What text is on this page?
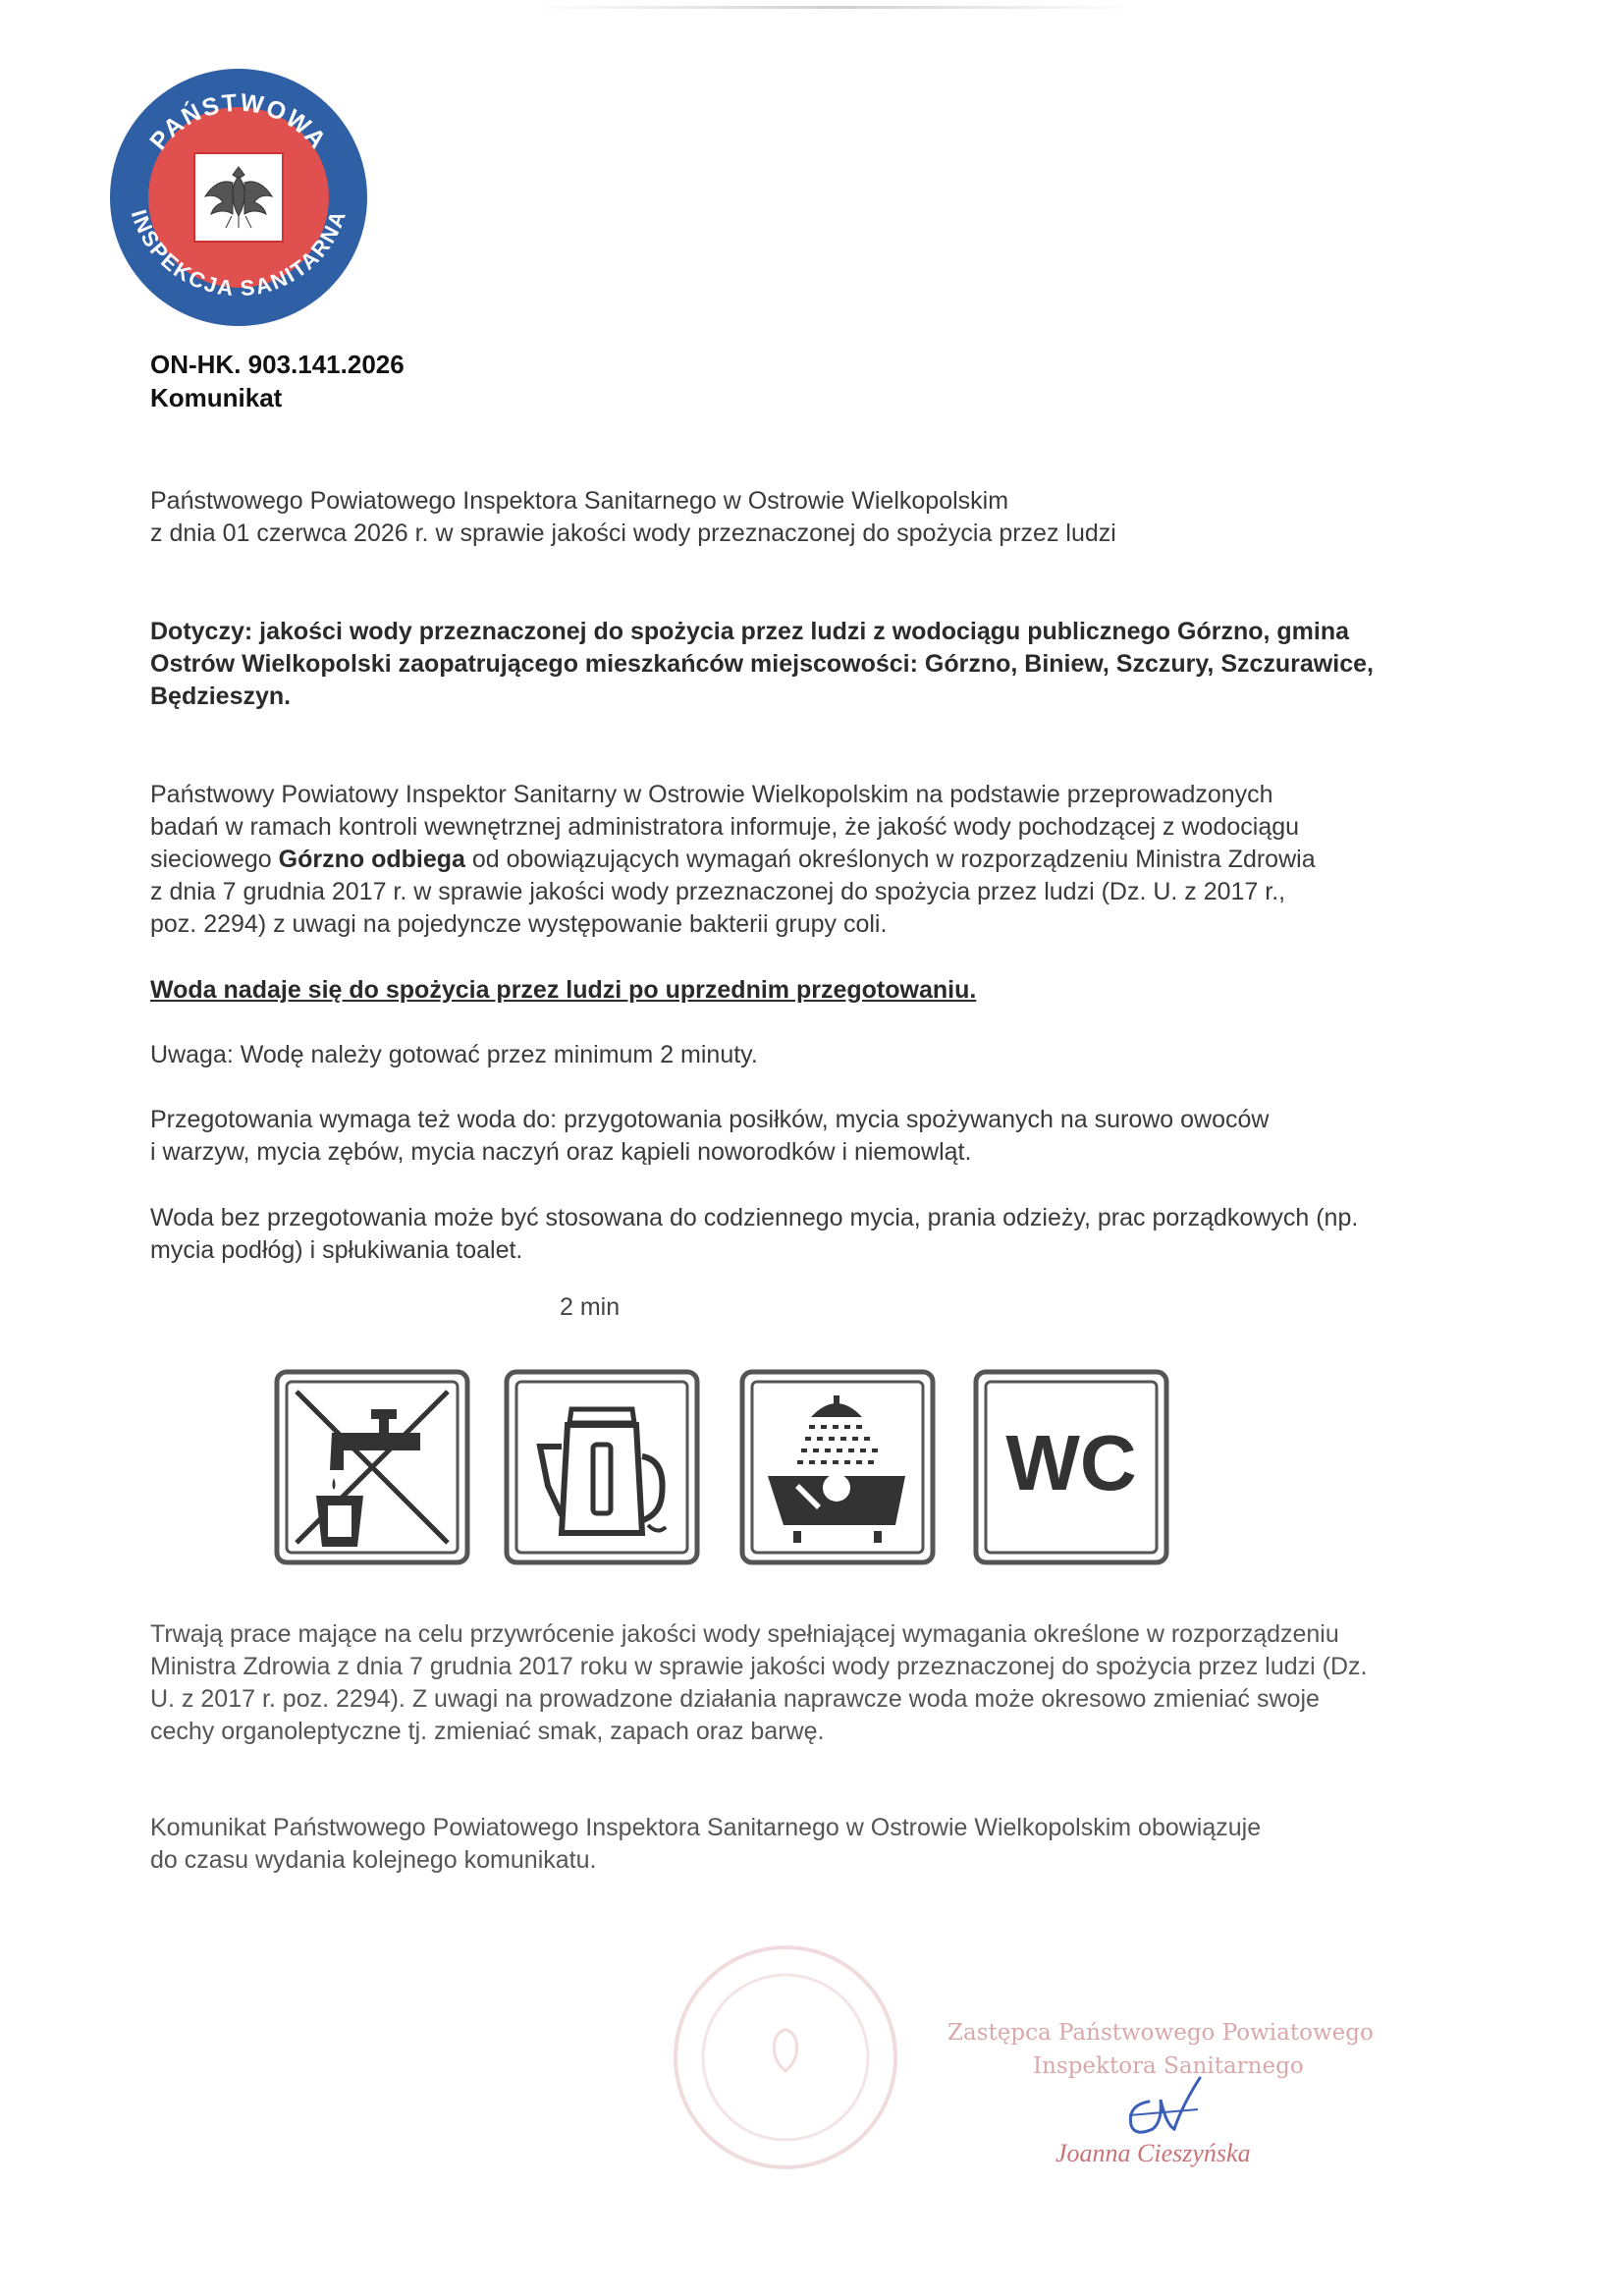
PAŃSTWOWA
INSPEKCJA SANITARNA
ON-HK. 903.141.2026
Komunikat
Państwowego Powiatowego Inspektora Sanitarnego w Ostrowie Wielkopolskim
z dnia 01 czerwca 2026 r. w sprawie jakości wody przeznaczonej do spożycia przez ludzi
Dotyczy: jakości wody przeznaczonej do spożycia przez ludzi z wodociągu publicznego Górzno, gmina
Ostrów Wielkopolski zaopatrującego mieszkańców miejscowości: Górzno, Biniew, Szczury, Szczurawice,
Będzieszyn.
Państwowy Powiatowy Inspektor Sanitarny w Ostrowie Wielkopolskim na podstawie przeprowadzonych
badań w ramach kontroli wewnętrznej administratora informuje, że jakość wody pochodzącej z wodociągu
sieciowego Górzno odbiega od obowiązujących wymagań określonych w rozporządzeniu Ministra Zdrowia
z dnia 7 grudnia 2017 r. w sprawie jakości wody przeznaczonej do spożycia przez ludzi (Dz. U. z 2017 r.,
poz. 2294) z uwagi na pojedyncze występowanie bakterii grupy coli.
Woda nadaje się do spożycia przez ludzi po uprzednim przegotowaniu.
Uwaga: Wodę należy gotować przez minimum 2 minuty.
Przegotowania wymaga też woda do: przygotowania posiłków, mycia spożywanych na surowo owoców
i warzyw, mycia zębów, mycia naczyń oraz kąpieli noworodków i niemowląt.
Woda bez przegotowania może być stosowana do codziennego mycia, prania odzieży, prac porządkowych (np.
mycia podłóg) i spłukiwania toalet.
2 min
WC
Trwają prace mające na celu przywrócenie jakości wody spełniającej wymagania określone w rozporządzeniu
Ministra Zdrowia z dnia 7 grudnia 2017 roku w sprawie jakości wody przeznaczonej do spożycia przez ludzi (Dz.
U. z 2017 r. poz. 2294). Z uwagi na prowadzone działania naprawcze woda może okresowo zmieniać swoje
cechy organoleptyczne tj. zmieniać smak, zapach oraz barwę.
Komunikat Państwowego Powiatowego Inspektora Sanitarnego w Ostrowie Wielkopolskim obowiązuje
do czasu wydania kolejnego komunikatu.
Zastępca Państwowego Powiatowego
Inspektora Sanitarnego
Joanna Cieszyńska
